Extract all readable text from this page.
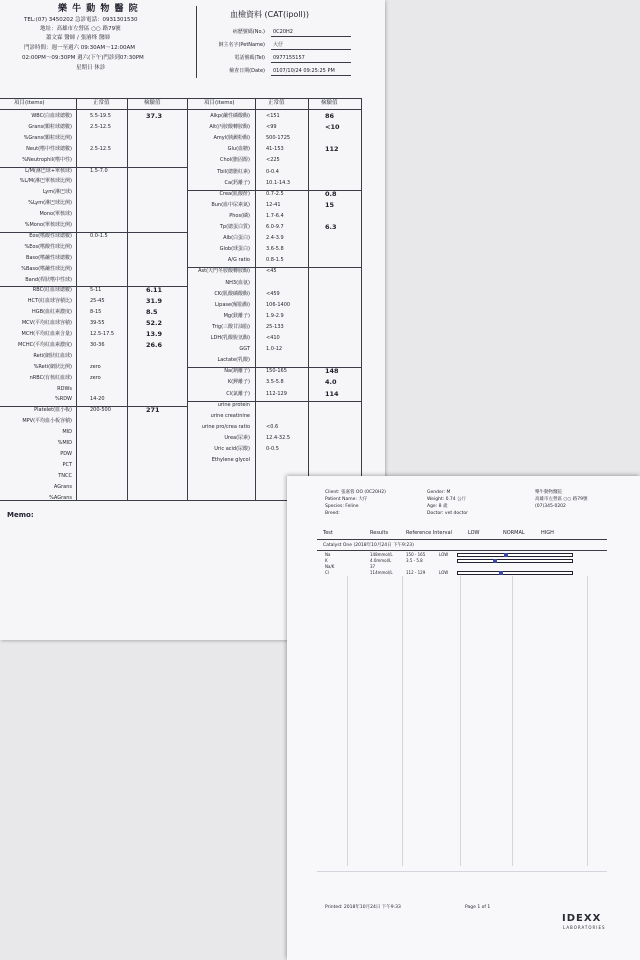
樂 牛 動 物 醫 院
TEL:(07) 3450202 急診電話：0931301530
地址：高雄市左營區 ○○ 路79號
蕭文霖 醫師 / 張濬烽 醫師
門診時間：週一至週六 09:30AM～12:00AM
02:00PM～09:30PM 週六(下午)門診到07:30PM
星期日 休診
血檢資料 (CAT(ipoll))
病歷號碼(No.) 0C20H2
飼主名字(PetName) 大仔
電話號碼(Tel) 0977155157
檢查日期(Date) 0107/10/24 09:25:25 PM
項目(items)	正常值	檢驗值	項目(items)	正常值	檢驗值
WBC(白血球總數)	5.5-19.5	37.3
Grans(顆粒球總數)	2.5-12.5
%Grans(顆粒球比例)
Neut(嗜中性球總數)	2.5-12.5
%Neutrophil(嗜中性)
L/M(淋巴球+單核球)	1.5-7.0
%L/M(淋巴單核球比例)
Lym(淋巴球)
%Lym(淋巴球比例)
Mono(單核球)
%Mono(單核球比例)
Eos(嗜酸性球總數)	0.0-1.5
%Eos(嗜酸性球比例)
Baso(嗜鹼性球總數)
%Baso(嗜鹼性球比例)
Band(桿狀嗜中性球)
RBC(紅血球總數)	5-11	6.11
HCT(紅血球容積比)	25-45	31.9
HGB(血紅素濃度)	8-15	8.5
MCV(平均紅血球容積)	39-55	52.2
MCH(平均紅血素含量)	12.5-17.5	13.9
MCHC(平均紅血素濃度)	30-36	26.6
Reti(網狀紅血球)
%Reti(網狀比例)	zero
nRBC(有核紅血球)	zero
RDWs
%RDW	14-20
Platelet(血小板)	200-500	271
MPV(平均血小板容積)
MID
%MID
PDW
PCT
TNCC
AGrans
%AGrans
Alkp(鹼性磷酸酶)	<151	86
Alt(丙胺酸轉胺酶)	<99	<10
Amyl(胰澱粉酶)	500-1725
Glu(血糖)	41-153	112
Chol(膽固醇)	<225
Tbil(總膽紅素)	0-0.4
Ca(鈣離子)	10.1-14.3
Crea(肌酸酐)	0.7-2.5	0.8
Bun(血中尿素氮)	12-41	15
Phos(磷)	1.7-6.4
Tp(總蛋白質)	6.0-9.7	6.3
Alb(白蛋白)	2.4-3.9
Glob(球蛋白)	3.6-5.8
A/G ratio	0.8-1.5
Ast(天門冬胺酸轉胺酶)	<45
NH3(血氨)
CK(肌酸磷酸酶)	<459
Lipase(解脂酶)	106-1400
Mg(鎂離子)	1.9-2.9
Trig(三酸甘油脂)	25-133
LDH(乳酸脫氫酶)	<410
GGT	1.0-12
Lactate(乳酸)
Na(鈉離子)	150-165	148
K(鉀離子)	3.5-5.8	4.0
Cl(氯離子)	112-129	114
urine protein
urine creatinine
urine pro/crea ratio	<0.6
Urea(尿素)	12.4-32.5
Uric acid(尿酸)	0-0.5
Ethylene glycol
Memo:
Client: 張嘉蓉 OO (0C20H2)
Patient Name: 大仔
Species: Feline
Breed:
Gender: M
Weight: 0.74 公斤
Age: 8 歲
Doctor: vet doctor
樂牛動物醫院
高雄市左營區 ○○ 路79號
(07)345-0202
Test	Results	Reference Interval	LOW	NORMAL	HIGH
Catalyst One (2018年10月24日 下午9:23)
Na	148mmol/L	150 - 165	LOW
K	4.0mmol/L	3.5 - 5.8
Na/K	37
Cl	114mmol/L	112 - 129	LOW
Printed: 2018年10月24日 下午9:33	Page 1 of 1
IDEXX
LABORATORIES
